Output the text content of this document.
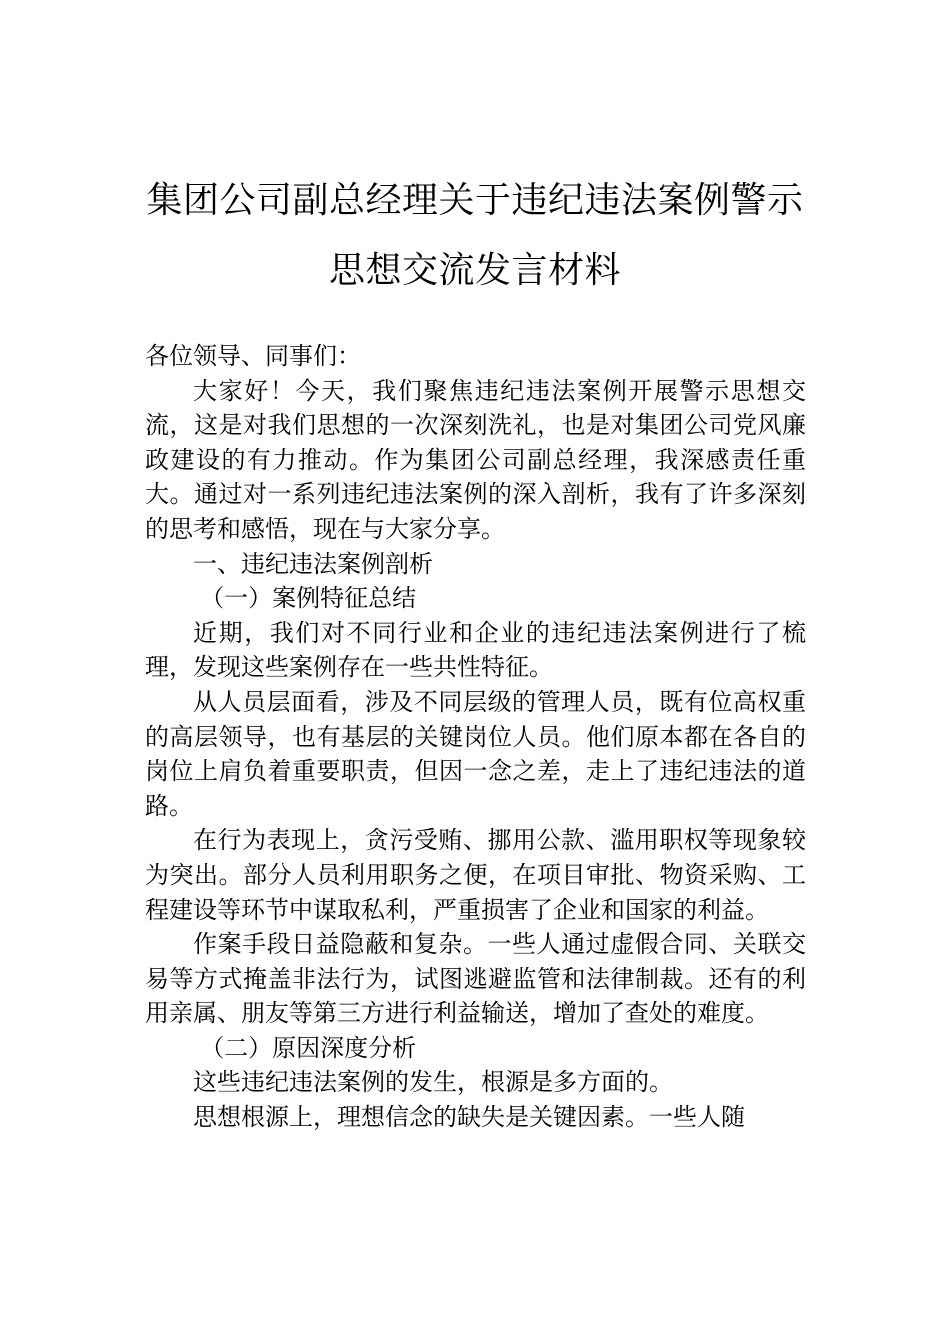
集团公司副总经理关于违纪违法案例警示
思想交流发言材料

各位领导、同事们：

大家好！今天，我们聚焦违纪违法案例开展警示思想交流，这是对我们思想的一次深刻洗礼，也是对集团公司党风廉政建设的有力推动。作为集团公司副总经理，我深感责任重大。通过对一系列违纪违法案例的深入剖析，我有了许多深刻的思考和感悟，现在与大家分享。

一、违纪违法案例剖析

（一）案例特征总结

近期，我们对不同行业和企业的违纪违法案例进行了梳理，发现这些案例存在一些共性特征。

从人员层面看，涉及不同层级的管理人员，既有位高权重的高层领导，也有基层的关键岗位人员。他们原本都在各自的岗位上肩负着重要职责，但因一念之差，走上了违纪违法的道路。

在行为表现上，贪污受贿、挪用公款、滥用职权等现象较为突出。部分人员利用职务之便，在项目审批、物资采购、工程建设等环节中谋取私利，严重损害了企业和国家的利益。

作案手段日益隐蔽和复杂。一些人通过虚假合同、关联交易等方式掩盖非法行为，试图逃避监管和法律制裁。还有的利用亲属、朋友等第三方进行利益输送，增加了查处的难度。

（二）原因深度分析

这些违纪违法案例的发生，根源是多方面的。

思想根源上，理想信念的缺失是关键因素。一些人随
